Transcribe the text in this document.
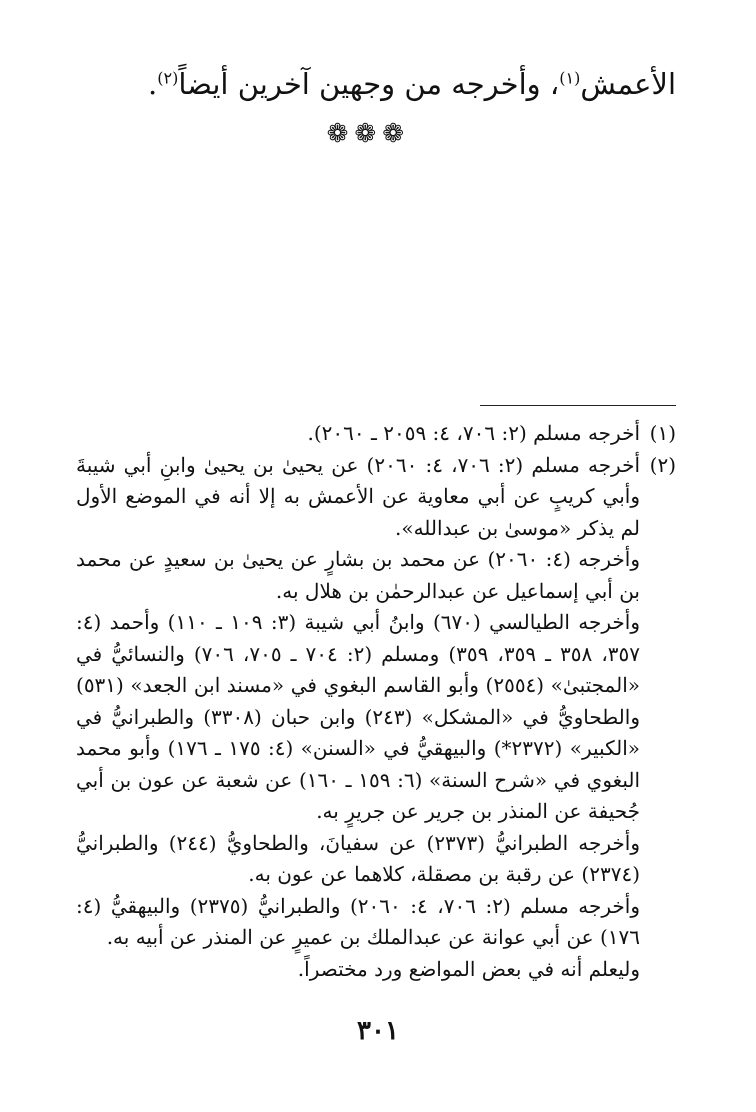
الأعمش$^{(١)}$، وأخرجه من وجهين آخرين أيضاً$^{(٢)}$.
❁❁❁
(١)

أخرجه مسلم (٢: ٧٠٦، ٤: ٢٠٥٩ ـ ٢٠٦٠).

(٢)

أخرجه مسلم (٢: ٧٠٦، ٤: ٢٠٦٠) عن يحيىٰ بن يحيىٰ وابنِ أبي شيبةَ وأبي كريبٍ عن أبي معاوية عن الأعمش به إلا أنه في الموضع الأول لم يذكر «موسىٰ بن عبدالله».

وأخرجه (٤: ٢٠٦٠) عن محمد بن بشارٍ عن يحيىٰ بن سعيدٍ عن محمد بن أبي إسماعيل عن عبدالرحمٰن بن هلال به.

وأخرجه الطيالسي (٦٧٠) وابنُ أبي شيبة (٣: ١٠٩ ـ ١١٠) وأحمد (٤: ٣٥٧، ٣٥٨ ـ ٣٥٩، ٣٥٩) ومسلم (٢: ٧٠٤ ـ ٧٠٥، ٧٠٦) والنسائيُّ في «المجتبىٰ» (٢٥٥٤) وأبو القاسم البغوي في «مسند ابن الجعد» (٥٣١) والطحاويُّ في «المشكل» (٢٤٣) وابن حبان (٣٣٠٨) والطبرانيُّ في «الكبير» (٢٣٧٢*) والبيهقيُّ في «السنن» (٤: ١٧٥ ـ ١٧٦) وأبو محمد البغوي في «شرح السنة» (٦: ١٥٩ ـ ١٦٠) عن شعبة عن عون بن أبي جُحيفة عن المنذر بن جرير عن جريرٍ به.

وأخرجه الطبرانيُّ (٢٣٧٣) عن سفيانَ، والطحاويُّ (٢٤٤) والطبرانيُّ (٢٣٧٤) عن رقبة بن مصقلة، كلاهما عن عون به.

وأخرجه مسلم (٢: ٧٠٦، ٤: ٢٠٦٠) والطبرانيُّ (٢٣٧٥) والبيهقيُّ (٤: ١٧٦) عن أبي عوانة عن عبدالملك بن عميرٍ عن المنذر عن أبيه به.

وليعلم أنه في بعض المواضع ورد مختصراً.

٣٠١
